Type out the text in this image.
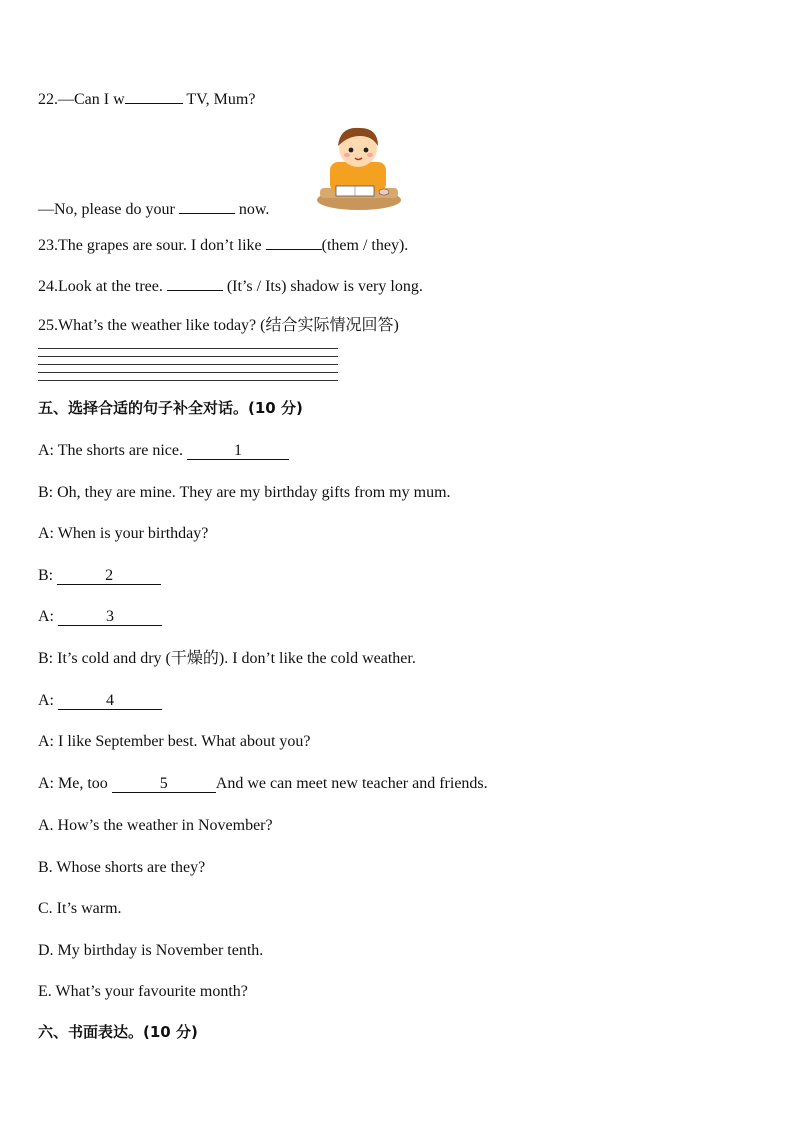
22.—Can I w	TV, Mum?
—No, please do your	now.
23.The grapes are sour. I don’t like	(them / they).
24.Look at the tree.	(It’s / Its) shadow is very long.
25.What’s the weather like today? (结合实际情况回答)
五、选择合适的句子补全对话。(10 分)
A: The shorts are nice.	1
B: Oh, they are mine. They are my birthday gifts from my mum.
A: When is your birthday?
B:	2
A:	3
B: It’s cold and dry (干燥的). I don’t like the cold weather.
A:	4
A: I like September best. What about you?
A: Me, too	5	And we can meet new teacher and friends.
A. How’s the weather in November?
B. Whose shorts are they?
C. It’s warm.
D. My birthday is November tenth.
E. What’s your favourite month?
六、书面表达。(10 分)
